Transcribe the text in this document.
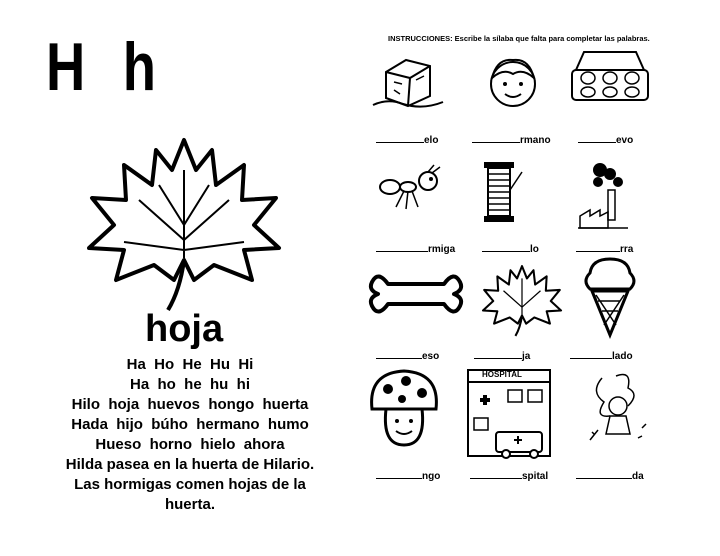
H h
hoja
Ha  Ho  He  Hu  Hi
Ha  ho  he  hu  hi
Hilo  hoja  huevos  hongo  huerta
Hada  hijo  búho  hermano  humo
Hueso  horno  hielo  ahora
Hilda pasea en la huerta de Hilario.
Las hormigas comen hojas de la huerta.
INSTRUCCIONES: Escribe la sílaba que falta para completar las palabras.
elo	rmano	evo
rmiga	lo	rra
eso	ja	lado
HOSPITAL
ngo	spital	da
